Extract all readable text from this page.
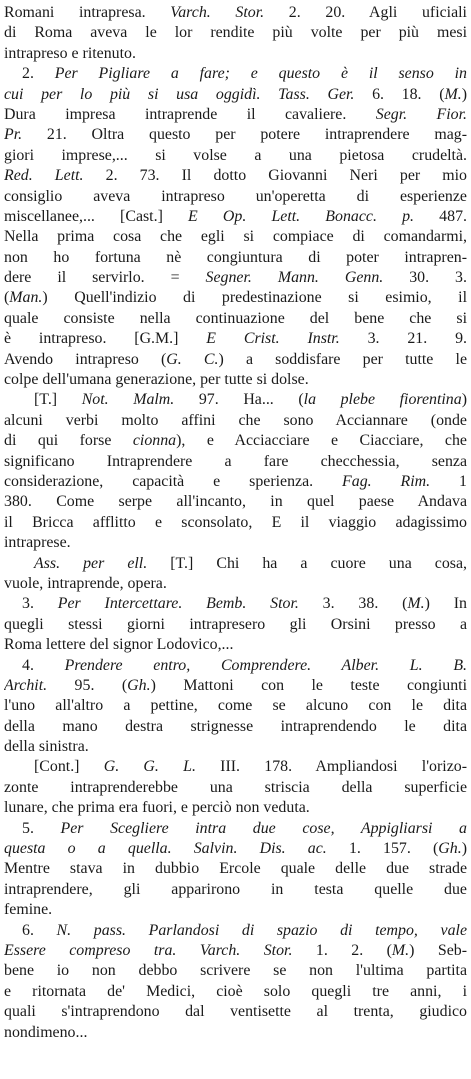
Romani intrapresa. Varch. Stor. 2. 20. Agli uficiali
di Roma aveva le lor rendite più volte per più mesi
intrapreso e ritenuto.
2. Per Pigliare a fare; e questo è il senso in
cui per lo più si usa oggidì. Tass. Ger. 6. 18. (M.)
Dura impresa intraprende il cavaliere. Segr. Fior.
Pr. 21. Oltra questo per potere intraprendere mag-
giori imprese,... si volse a una pietosa crudeltà.
Red. Lett. 2. 73. Il dotto Giovanni Neri per mio
consiglio aveva intrapreso un'operetta di esperienze
miscellanee,... [Cast.] E Op. Lett. Bonacc. p. 487.
Nella prima cosa che egli si compiace di comandarmi,
non ho fortuna nè congiuntura di poter intrapren-
dere il servirlo. = Segner. Mann. Genn. 30. 3.
(Man.) Quell'indizio di predestinazione si esimio, il
quale consiste nella continuazione del bene che si
è intrapreso. [G.M.] E Crist. Instr. 3. 21. 9.
Avendo intrapreso (G. C.) a soddisfare per tutte le
colpe dell'umana generazione, per tutte si dolse.
[T.] Not. Malm. 97. Ha... (la plebe fiorentina)
alcuni verbi molto affini che sono Acciannare (onde
di qui forse cionna), e Acciacciare e Ciacciare, che
significano Intraprendere a fare checchessia, senza
considerazione, capacità e sperienza. Fag. Rim. 1
380. Come serpe all'incanto, in quel paese Andava
il Bricca afflitto e sconsolato, E il viaggio adagissimo
intraprese.
Ass. per ell. [T.] Chi ha a cuore una cosa,
vuole, intraprende, opera.
3. Per Intercettare. Bemb. Stor. 3. 38. (M.) In
quegli stessi giorni intrapresero gli Orsini presso a
Roma lettere del signor Lodovico,...
4. Prendere entro, Comprendere. Alber. L. B.
Archit. 95. (Gh.) Mattoni con le teste congiunti
l'uno all'altro a pettine, come se alcuno con le dita
della mano destra strignesse intraprendendo le dita
della sinistra.
[Cont.] G. G. L. III. 178. Ampliandosi l'orizo-
zonte intraprenderebbe una striscia della superficie
lunare, che prima era fuori, e perciò non veduta.
5. Per Scegliere intra due cose, Appigliarsi a
questa o a quella. Salvin. Dis. ac. 1. 157. (Gh.)
Mentre stava in dubbio Ercole quale delle due strade
intraprendere, gli apparirono in testa quelle due
femine.
6. N. pass. Parlandosi di spazio di tempo, vale
Essere compreso tra. Varch. Stor. 1. 2. (M.) Seb-
bene io non debbo scrivere se non l'ultima partita
e ritornata de' Medici, cioè solo quegli tre anni, i
quali s'intraprendono dal ventisette al trenta, giudico
nondimeno...
